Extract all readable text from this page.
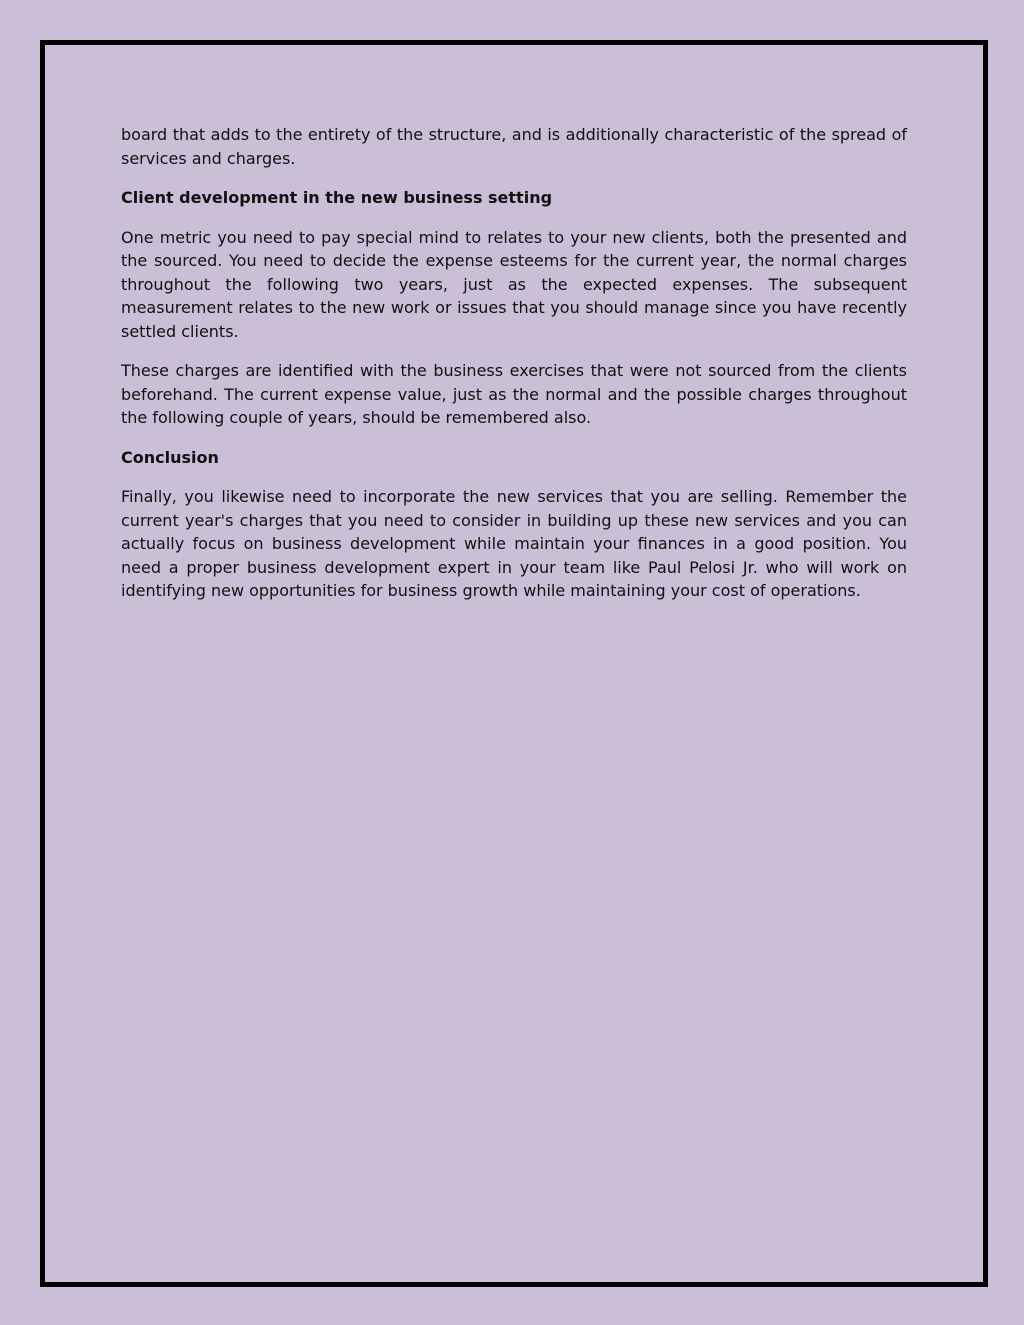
board that adds to the entirety of the structure, and is additionally characteristic of the spread of services and charges.

Client development in the new business setting

One metric you need to pay special mind to relates to your new clients, both the presented and the sourced. You need to decide the expense esteems for the current year, the normal charges throughout the following two years, just as the expected expenses. The subsequent measurement relates to the new work or issues that you should manage since you have recently settled clients.

These charges are identified with the business exercises that were not sourced from the clients beforehand. The current expense value, just as the normal and the possible charges throughout the following couple of years, should be remembered also.

Conclusion

Finally, you likewise need to incorporate the new services that you are selling. Remember the current year's charges that you need to consider in building up these new services and you can actually focus on business development while maintain your finances in a good position. You need a proper business development expert in your team like Paul Pelosi Jr. who will work on identifying new opportunities for business growth while maintaining your cost of operations.
